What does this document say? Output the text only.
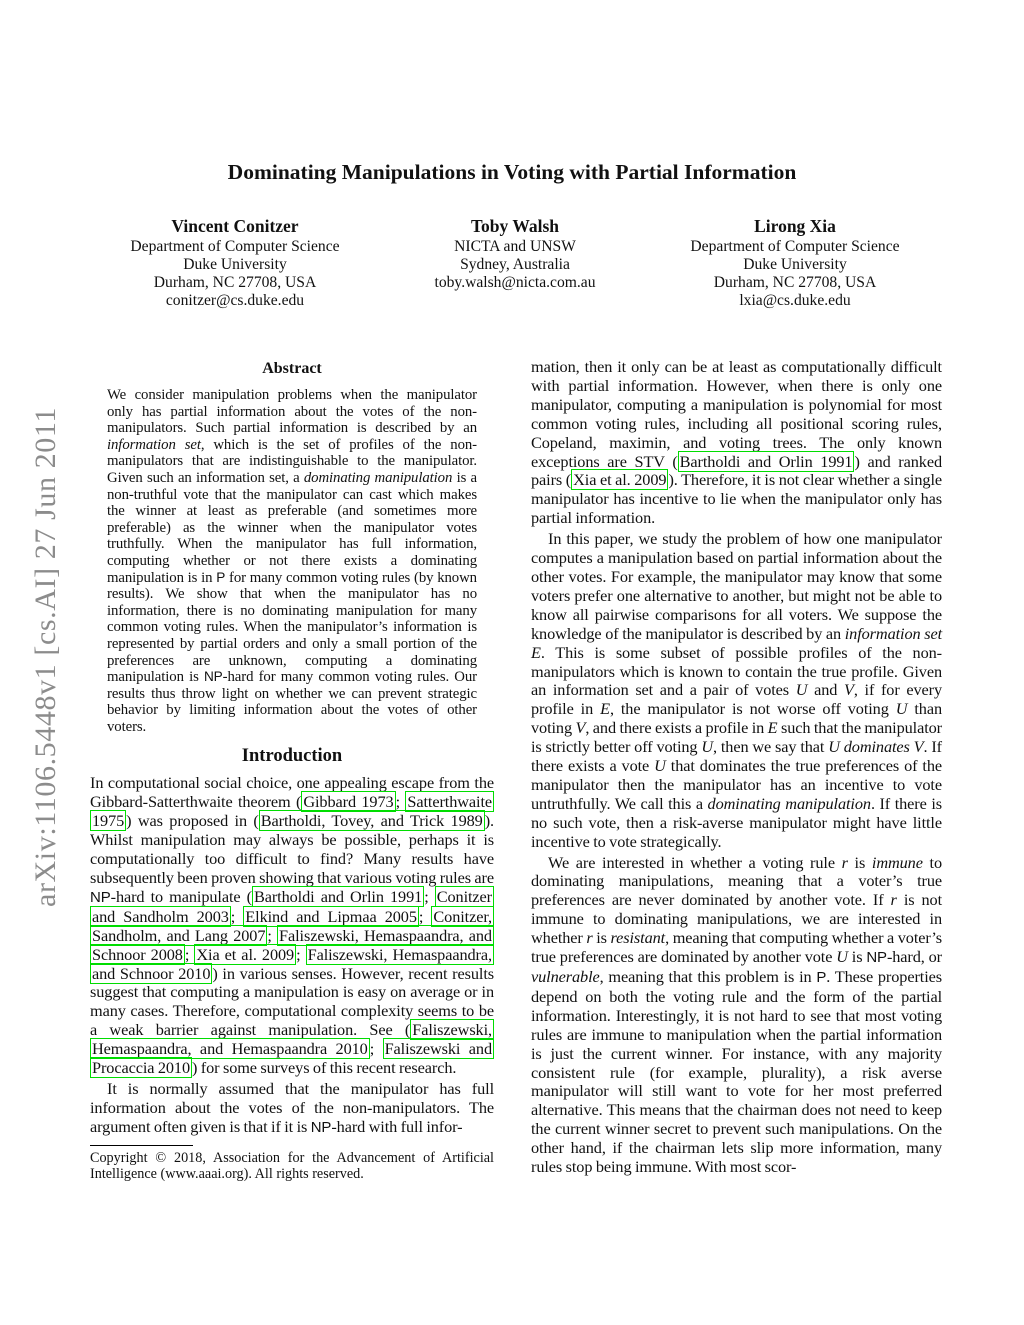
arXiv:1106.5448v1 [cs.AI] 27 Jun 2011
Dominating Manipulations in Voting with Partial Information
Vincent Conitzer
Department of Computer Science
Duke University
Durham, NC 27708, USA
conitzer@cs.duke.edu
Toby Walsh
NICTA and UNSW
Sydney, Australia
toby.walsh@nicta.com.au
Lirong Xia
Department of Computer Science
Duke University
Durham, NC 27708, USA
lxia@cs.duke.edu
Abstract
We consider manipulation problems when the manipulator only has partial information about the votes of the non-manipulators. Such partial information is described by an information set, which is the set of profiles of the non-manipulators that are indistinguishable to the manipulator. Given such an information set, a dominating manipulation is a non-truthful vote that the manipulator can cast which makes the winner at least as preferable (and sometimes more preferable) as the winner when the manipulator votes truthfully. When the manipulator has full information, computing whether or not there exists a dominating manipulation is in P for many common voting rules (by known results). We show that when the manipulator has no information, there is no dominating manipulation for many common voting rules. When the manipulator’s information is represented by partial orders and only a small portion of the preferences are unknown, computing a dominating manipulation is NP-hard for many common voting rules. Our results thus throw light on whether we can prevent strategic behavior by limiting information about the votes of other voters.
Introduction

In computational social choice, one appealing escape from the Gibbard-Satterthwaite theorem ( Gibbard 1973 ; Satterthwaite 1975 ) was proposed in ( Bartholdi, Tovey, and Trick 1989 ). Whilst manipulation may always be possible, perhaps it is computationally too difficult to find? Many results have subsequently been proven showing that various voting rules are NP-hard to manipulate ( Bartholdi and Orlin 1991 ; Conitzer and Sandholm 2003 ; Elkind and Lipmaa 2005 ; Conitzer, Sandholm, and Lang 2007 ; Faliszewski, Hemaspaandra, and Schnoor 2008 ; Xia et al. 2009 ; Faliszewski, Hemaspaandra, and Schnoor 2010 ) in various senses. However, recent results suggest that computing a manipulation is easy on average or in many cases. Therefore, computational complexity seems to be a weak barrier against manipulation. See ( Faliszewski, Hemaspaandra, and Hemaspaandra 2010 ; Faliszewski and Procaccia 2010 ) for some surveys of this recent research.

It is normally assumed that the manipulator has full information about the votes of the non-manipulators. The argument often given is that if it is NP-hard with full infor-

Copyright © 2018, Association for the Advancement of Artificial Intelligence (www.aaai.org). All rights reserved.

mation, then it only can be at least as computationally difficult with partial information. However, when there is only one manipulator, computing a manipulation is polynomial for most common voting rules, including all positional scoring rules, Copeland, maximin, and voting trees. The only known exceptions are STV ( Bartholdi and Orlin 1991 ) and ranked pairs ( Xia et al. 2009 ). Therefore, it is not clear whether a single manipulator has incentive to lie when the manipulator only has partial information.

In this paper, we study the problem of how one manipulator computes a manipulation based on partial information about the other votes. For example, the manipulator may know that some voters prefer one alternative to another, but might not be able to know all pairwise comparisons for all voters. We suppose the knowledge of the manipulator is described by an information set E. This is some subset of possible profiles of the non-manipulators which is known to contain the true profile. Given an information set and a pair of votes U and V, if for every profile in E, the manipulator is not worse off voting U than voting V, and there exists a profile in E such that the manipulator is strictly better off voting U, then we say that U dominates V. If there exists a vote U that dominates the true preferences of the manipulator then the manipulator has an incentive to vote untruthfully. We call this a dominating manipulation. If there is no such vote, then a risk-averse manipulator might have little incentive to vote strategically.

We are interested in whether a voting rule r is immune to dominating manipulations, meaning that a voter’s true preferences are never dominated by another vote. If r is not immune to dominating manipulations, we are interested in whether r is resistant, meaning that computing whether a voter’s true preferences are dominated by another vote U is NP-hard, or vulnerable, meaning that this problem is in P. These properties depend on both the voting rule and the form of the partial information. Interestingly, it is not hard to see that most voting rules are immune to manipulation when the partial information is just the current winner. For instance, with any majority consistent rule (for example, plurality), a risk averse manipulator will still want to vote for her most preferred alternative. This means that the chairman does not need to keep the current winner secret to prevent such manipulations. On the other hand, if the chairman lets slip more information, many rules stop being immune. With most scor-
